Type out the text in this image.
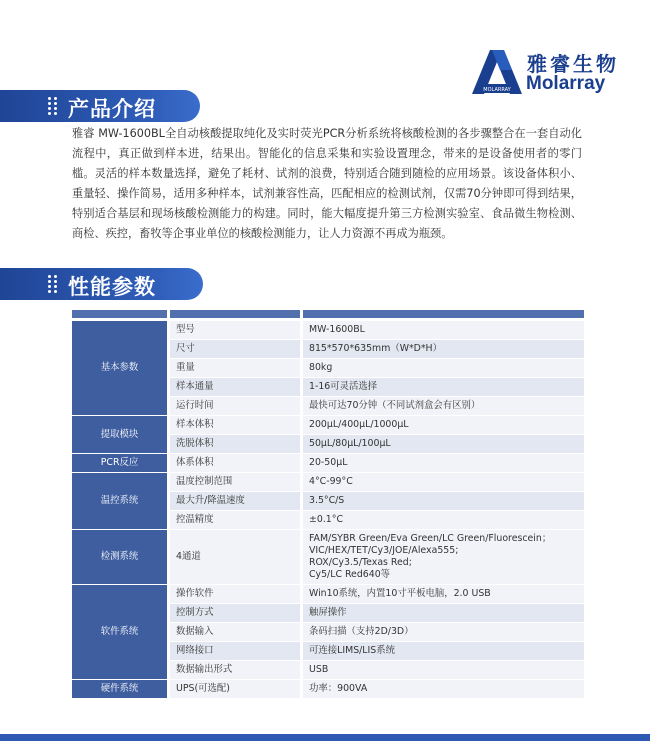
MOLARRAY
雅睿生物
Molarray
产品介绍

雅睿 MW-1600BL全自动核酸提取纯化及实时荧光PCR分析系统将核酸检测的各步骤整合在一套自动化流程中，真正做到样本进，结果出。智能化的信息采集和实验设置理念，带来的是设备使用者的零门槛。灵活的样本数量选择，避免了耗材、试剂的浪费，特别适合随到随检的应用场景。该设备体积小、重量轻、操作简易，适用多种样本，试剂兼容性高，匹配相应的检测试剂，仅需70分钟即可得到结果，特别适合基层和现场核酸检测能力的构建。同时，能大幅度提升第三方检测实验室、食品微生物检测、商检、疾控，畜牧等企事业单位的核酸检测能力，让人力资源不再成为瓶颈。

性能参数
基本参数	型号	MW-1600BL
	尺寸	815*570*635mm（W*D*H）
	重量	80kg
	样本通量	1-16可灵活选择
	运行时间	最快可达70分钟（不同试剂盒会有区别）
提取模块	样本体积	200µL/400µL/1000µL
	洗脱体积	50µL/80µL/100µL
PCR反应	体系体积	20-50µL
温控系统	温度控制范围	4°C-99°C
	最大升/降温速度	3.5°C/S
	控温精度	±0.1°C
检测系统	4通道	FAM/SYBR Green/Eva Green/LC Green/Fluorescein；
VIC/HEX/TET/Cy3/JOE/Alexa555;
ROX/Cy3.5/Texas Red;
Cy5/LC Red640等

软件系统	操作软件	Win10系统，内置10寸平板电脑，2.0 USB
	控制方式	触屏操作
	数据输入	条码扫描（支持2D/3D）
	网络接口	可连接LIMS/LIS系统
	数据输出形式	USB
硬件系统	UPS(可选配)	功率：900VA
